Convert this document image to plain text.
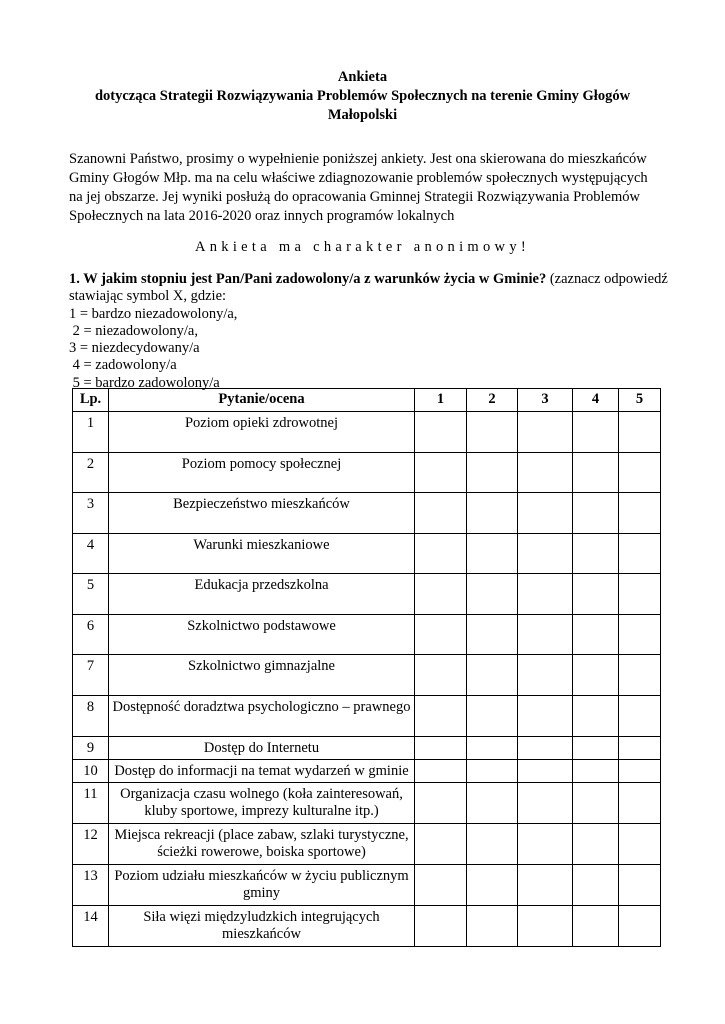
Ankieta
dotycząca Strategii Rozwiązywania Problemów Społecznych na terenie Gminy Głogów
Małopolski
Szanowni Państwo, prosimy o wypełnienie poniższej ankiety. Jest ona skierowana do mieszkańców Gminy Głogów Młp. ma na celu właściwe zdiagnozowanie problemów społecznych występujących na jej obszarze. Jej wyniki posłużą do opracowania Gminnej Strategii Rozwiązywania Problemów Społecznych na lata 2016-2020 oraz innych programów lokalnych
Ankieta ma charakter anonimowy!
1. W jakim stopniu jest Pan/Pani zadowolony/a z warunków życia w Gminie? (zaznacz odpowiedź stawiając symbol X, gdzie:
1 = bardzo niezadowolony/a,
2 = niezadowolony/a,
3 = niezdecydowany/a
4 = zadowolony/a
5 = bardzo zadowolony/a
Lp.	Pytanie/ocena	1	2	3	4	5

1	Poziom opieki zdrowotnej					

2	Poziom pomocy społecznej					

3	Bezpieczeństwo mieszkańców					

4	Warunki mieszkaniowe					

5	Edukacja przedszkolna					

6	Szkolnictwo podstawowe					

7	Szkolnictwo gimnazjalne					

8	Dostępność doradztwa psychologiczno – prawnego					

9	Dostęp do Internetu					

10	Dostęp do informacji na temat wydarzeń w gminie					

11	Organizacja czasu wolnego (koła zainteresowań, kluby sportowe, imprezy kulturalne itp.)					

12	Miejsca rekreacji (place zabaw, szlaki turystyczne, ścieżki rowerowe, boiska sportowe)					

13	Poziom udziału mieszkańców w życiu publicznym gminy					

14	Siła więzi międzyludzkich integrujących mieszkańców					
